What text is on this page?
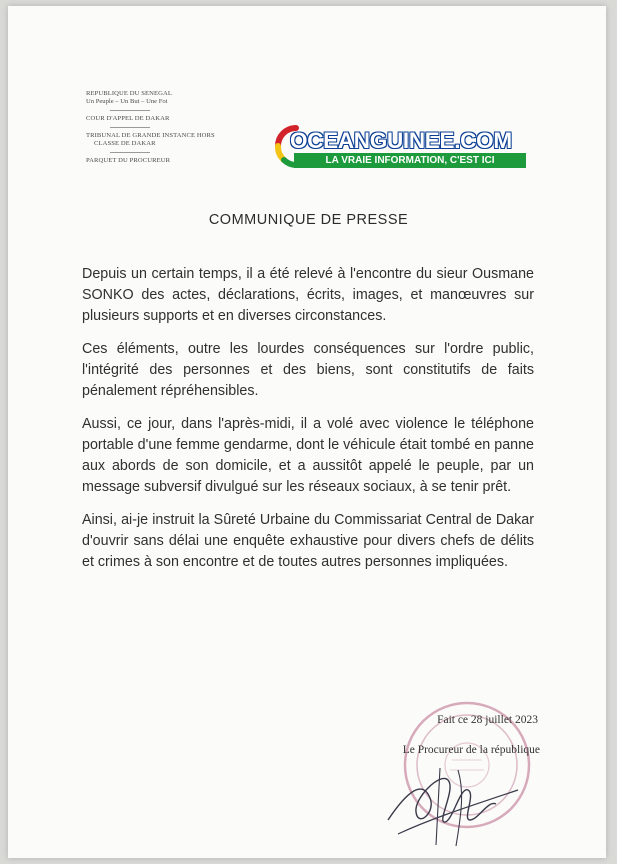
REPUBLIQUE DU SENEGAL
Un Peuple – Un But – Une Foi
COUR D'APPEL DE DAKAR
TRIBUNAL DE GRANDE INSTANCE HORS
CLASSE DE DAKAR
PARQUET DU PROCUREUR
OCEANGUINEE.COM
LA VRAIE INFORMATION, C'EST ICI
COMMUNIQUE DE PRESSE

Depuis un certain temps, il a été relevé à l'encontre du sieur Ousmane SONKO des actes, déclarations, écrits, images, et manœuvres sur plusieurs supports et en diverses circonstances.

Ces éléments, outre les lourdes conséquences sur l'ordre public, l'intégrité des personnes et des biens, sont constitutifs de faits pénalement répréhensibles.

Aussi, ce jour, dans l'après-midi, il a volé avec violence le téléphone portable d'une femme gendarme, dont le véhicule était tombé en panne aux abords de son domicile, et a aussitôt appelé le peuple, par un message subversif divulgué sur les réseaux sociaux, à se tenir prêt.

Ainsi, ai-je instruit la Sûreté Urbaine du Commissariat Central de Dakar d'ouvrir sans délai une enquête exhaustive pour divers chefs de délits et crimes à son encontre et de toutes autres personnes impliquées.

Fait ce 28 juillet 2023
Le Procureur de la république
